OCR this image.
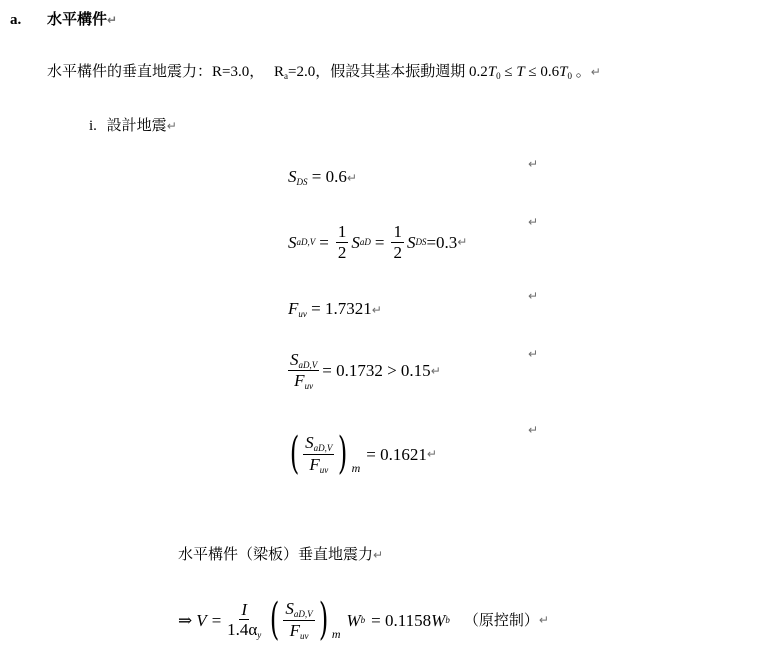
a. 水平構件↵
水平構件的垂直地震力：R=3.0， $R_a=2.0$，假設其基本振動週期 $0.2T_0 \le T \le 0.6T_0$ 。↵
i. 設計地震↵
$S_{DS}$ = 0.6↵
↵
S $aD,V = \frac{1}{2}$ S aD = $\frac{1}{2}$ S DS =0.3 ↵
↵
$F_{uv}$ = 1.7321↵
↵
$\frac{S_{aD,V}}{F_{uv}} = 0.1732 > 0.15$ ↵
↵
( $\frac{S_{aD,V}}{F_{uv}}$ ) $_m$
= 0.1621 ↵
↵
水平構件（梁板）垂直地震力↵
⇒ $V = \frac{I}{1.4\alpha_y}$ ( $\frac{S_{aD,V}}{F_{uv}}$ ) $_m$
W b = 0.1158 W b （原控制） ↵
